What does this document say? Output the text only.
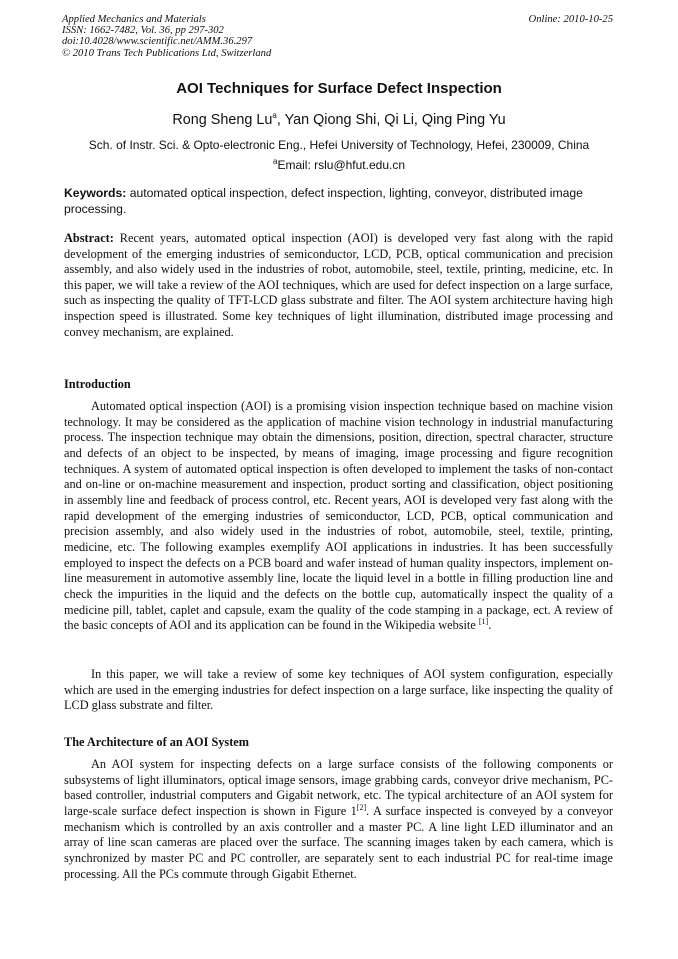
Applied Mechanics and Materials
ISSN: 1662-7482, Vol. 36, pp 297-302
doi:10.4028/www.scientific.net/AMM.36.297
© 2010 Trans Tech Publications Ltd, Switzerland
Online: 2010-10-25
AOI Techniques for Surface Defect Inspection
Rong Sheng Lu$^a$, Yan Qiong Shi, Qi Li, Qing Ping Yu
Sch. of Instr. Sci. & Opto-electronic Eng., Hefei University of Technology, Hefei, 230009, China
$^a$Email: rslu@hfut.edu.cn
Keywords: automated optical inspection, defect inspection, lighting, conveyor, distributed image processing.
Abstract: Recent years, automated optical inspection (AOI) is developed very fast along with the rapid development of the emerging industries of semiconductor, LCD, PCB, optical communication and precision assembly, and also widely used in the industries of robot, automobile, steel, textile, printing, medicine, etc. In this paper, we will take a review of the AOI techniques, which are used for defect inspection on a large surface, such as inspecting the quality of TFT-LCD glass substrate and filter. The AOI system architecture having high inspection speed is illustrated. Some key techniques of light illumination, distributed image processing and convey mechanism, are explained.
Introduction

Automated optical inspection (AOI) is a promising vision inspection technique based on machine vision technology. It may be considered as the application of machine vision technology in industrial manufacturing process. The inspection technique may obtain the dimensions, position, direction, spectral character, structure and defects of an object to be inspected, by means of imaging, image processing and figure recognition techniques. A system of automated optical inspection is often developed to implement the tasks of non-contact and on-line or on-machine measurement and inspection, product sorting and classification, object positioning in assembly line and feedback of process control, etc. Recent years, AOI is developed very fast along with the rapid development of the emerging industries of semiconductor, LCD, PCB, optical communication and precision assembly, and also widely used in the industries of robot, automobile, steel, textile, printing, medicine, etc. The following examples exemplify AOI applications in industries. It has been successfully employed to inspect the defects on a PCB board and wafer instead of human quality inspectors, implement on-line measurement in automotive assembly line, locate the liquid level in a bottle in filling production line and check the impurities in the liquid and the defects on the bottle cup, automatically inspect the quality of a medicine pill, tablet, caplet and capsule, exam the quality of the code stamping in a package, ect. A review of the basic concepts of AOI and its application can be found in the Wikipedia website [1].

In this paper, we will take a review of some key techniques of AOI system configuration, especially which are used in the emerging industries for defect inspection on a large surface, like inspecting the quality of LCD glass substrate and filter.

The Architecture of an AOI System

An AOI system for inspecting defects on a large surface consists of the following components or subsystems of light illuminators, optical image sensors, image grabbing cards, conveyor drive mechanism, PC-based controller, industrial computers and Gigabit network, etc. The typical architecture of an AOI system for large-scale surface defect inspection is shown in Figure 1[2]. A surface inspected is conveyed by a conveyor mechanism which is controlled by an axis controller and a master PC. A line light LED illuminator and an array of line scan cameras are placed over the surface. The scanning images taken by each camera, which is synchronized by master PC and PC controller, are separately sent to each industrial PC for real-time image processing. All the PCs commute through Gigabit Ethernet.
